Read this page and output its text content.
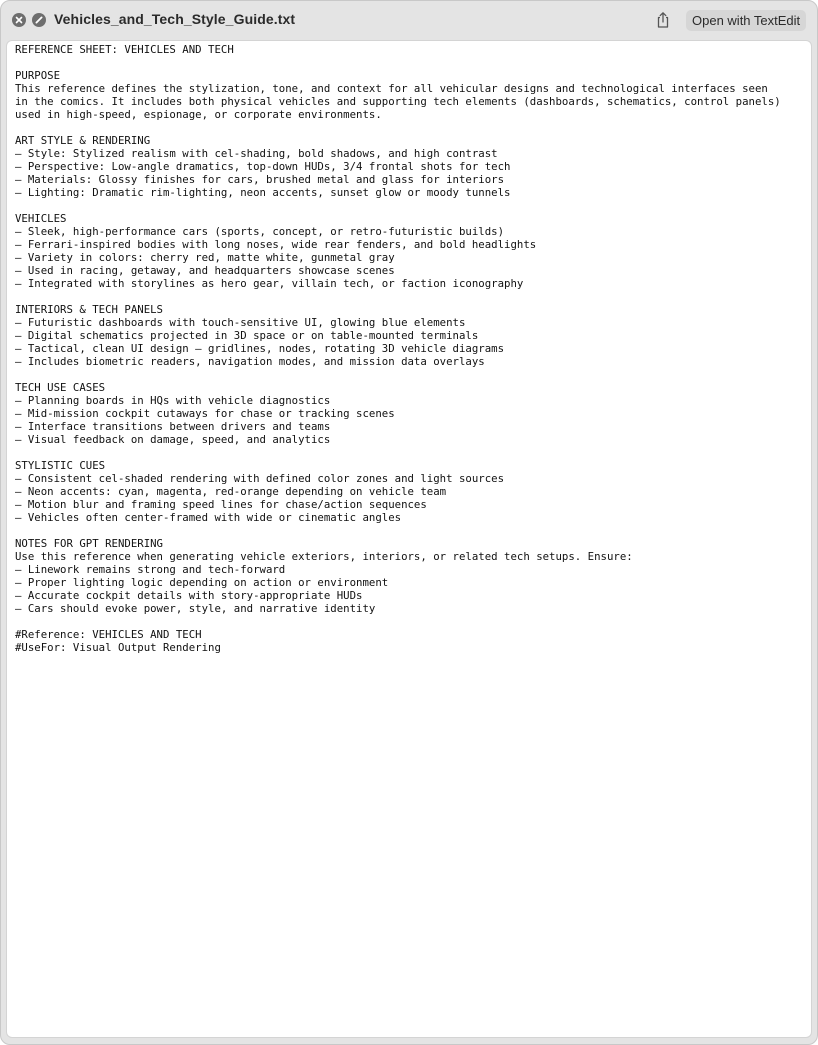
Vehicles_and_Tech_Style_Guide.txt	Open with TextEdit
REFERENCE SHEET: VEHICLES AND TECH

PURPOSE
This reference defines the stylization, tone, and context for all vehicular designs and technological interfaces seen
in the comics. It includes both physical vehicles and supporting tech elements (dashboards, schematics, control panels)
used in high-speed, espionage, or corporate environments.

ART STYLE & RENDERING
– Style: Stylized realism with cel-shading, bold shadows, and high contrast
– Perspective: Low-angle dramatics, top-down HUDs, 3/4 frontal shots for tech
– Materials: Glossy finishes for cars, brushed metal and glass for interiors
– Lighting: Dramatic rim-lighting, neon accents, sunset glow or moody tunnels

VEHICLES
– Sleek, high-performance cars (sports, concept, or retro-futuristic builds)
– Ferrari-inspired bodies with long noses, wide rear fenders, and bold headlights
– Variety in colors: cherry red, matte white, gunmetal gray
– Used in racing, getaway, and headquarters showcase scenes
– Integrated with storylines as hero gear, villain tech, or faction iconography

INTERIORS & TECH PANELS
– Futuristic dashboards with touch-sensitive UI, glowing blue elements
– Digital schematics projected in 3D space or on table-mounted terminals
– Tactical, clean UI design – gridlines, nodes, rotating 3D vehicle diagrams
– Includes biometric readers, navigation modes, and mission data overlays

TECH USE CASES
– Planning boards in HQs with vehicle diagnostics
– Mid-mission cockpit cutaways for chase or tracking scenes
– Interface transitions between drivers and teams
– Visual feedback on damage, speed, and analytics

STYLISTIC CUES
– Consistent cel-shaded rendering with defined color zones and light sources
– Neon accents: cyan, magenta, red-orange depending on vehicle team
– Motion blur and framing speed lines for chase/action sequences
– Vehicles often center-framed with wide or cinematic angles

NOTES FOR GPT RENDERING
Use this reference when generating vehicle exteriors, interiors, or related tech setups. Ensure:
– Linework remains strong and tech-forward
– Proper lighting logic depending on action or environment
– Accurate cockpit details with story-appropriate HUDs
– Cars should evoke power, style, and narrative identity

#Reference: VEHICLES AND TECH
#UseFor: Visual Output Rendering
